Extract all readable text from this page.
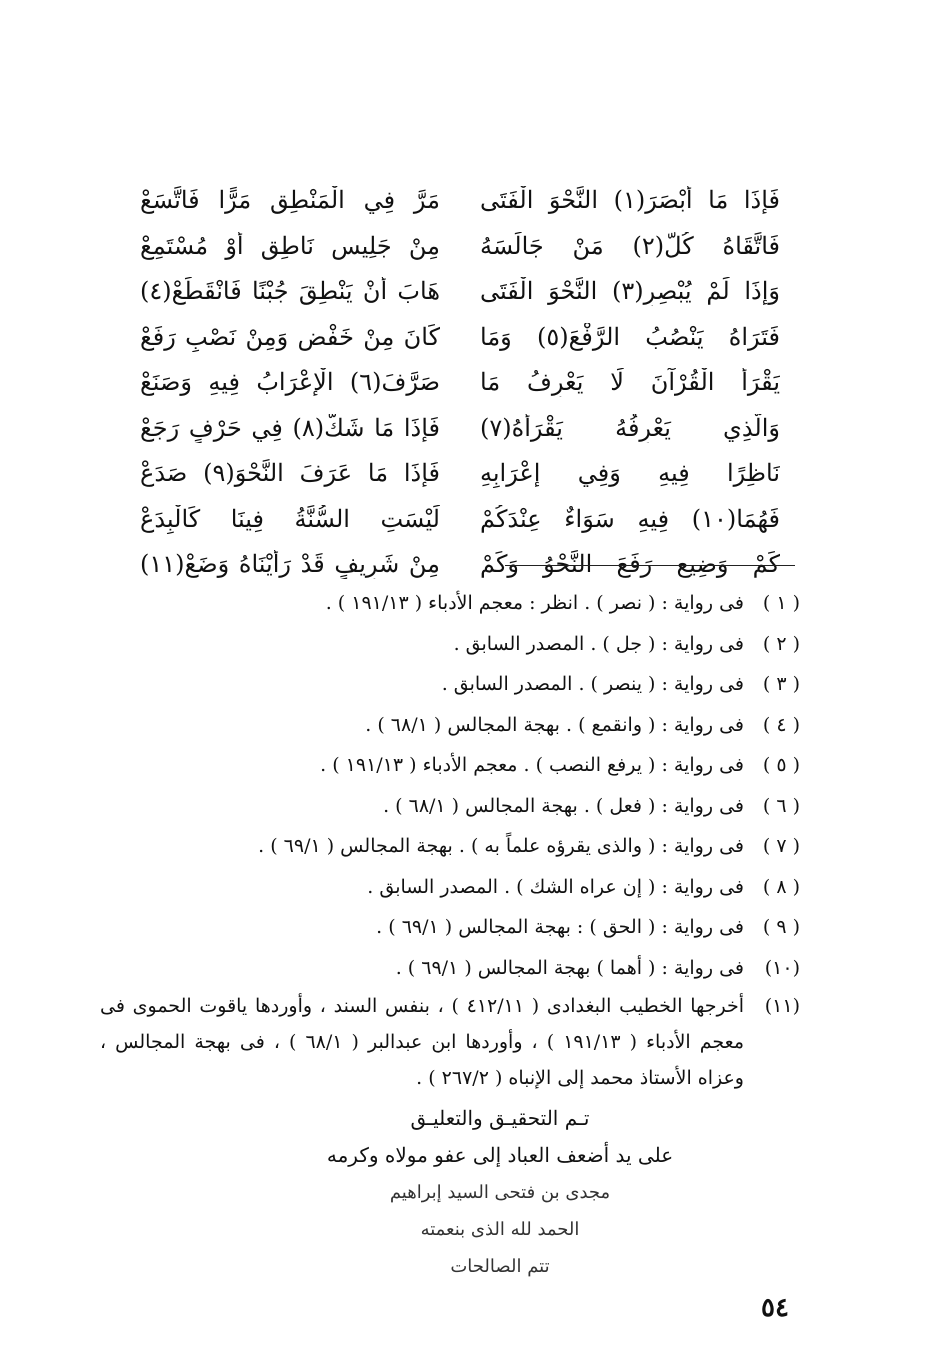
فَإِذَا مَا أَبْصَرَ(١) النَّحْوَ الْفَتَى
مَرَّ فِي الْمَنْطِقِ مَرًّا فَاتَّسَعْ
فَاتَّقَاهُ كُلُّ(٢) مَنْ جَالَسَهُ
مِنْ جَلِيسٍ نَاطِقٍ أَوْ مُسْتَمِعْ
وَإِذَا لَمْ يُبْصِرِ(٣) النَّحْوَ الْفَتَى
هَابَ أَنْ يَنْطِقَ جُبْنًا فَانْقَطَعْ(٤)
فَتَرَاهُ يَنْصُبُ الرَّفْعَ(٥) وَمَا
كَانَ مِنْ خَفْضٍ وَمِنْ نَصْبٍ رَفَعْ
يَقْرَأُ الْقُرْآنَ لَا يَعْرِفُ مَا
صَرَّفَ(٦) الْإِعْرَابُ فِيهِ وَصَنَعْ
وَالَّذِي يَعْرِفُهُ يَقْرَأُهُ(٧)
فَإِذَا مَا شَكَّ(٨) فِي حَرْفٍ رَجَعْ
نَاظِرًا فِيهِ وَفِي إِعْرَابِهِ
فَإِذَا مَا عَرَفَ النَّحْوَ(٩) صَدَعْ
فَهُمَا(١٠) فِيهِ سَوَاءٌ عِنْدَكُمْ
لَيْسَتِ السُّنَّةُ فِينَا كَالْبِدَعْ
كَمْ وَضِيعٍ رَفَعَ النَّحْوُ وَكَمْ
مِنْ شَرِيفٍ قَدْ رَأَيْنَاهُ وَضَعْ(١١)
( ١ )
فى رواية : ( نصر ) . انظر : معجم الأدباء ( ١٩١/١٣ ) .
( ٢ )
فى رواية : ( جل ) . المصدر السابق .
( ٣ )
فى رواية : ( ينصر ) . المصدر السابق .
( ٤ )
فى رواية : ( وانقمع ) . بهجة المجالس ( ٦٨/١ ) .
( ٥ )
فى رواية : ( يرفع النصب ) . معجم الأدباء ( ١٩١/١٣ ) .
( ٦ )
فى رواية : ( فعل ) . بهجة المجالس ( ٦٨/١ ) .
( ٧ )
فى رواية : ( والذى يقرؤه علماً به ) . بهجة المجالس ( ٦٩/١ ) .
( ٨ )
فى رواية : ( إن عراه الشك ) . المصدر السابق .
( ٩ )
فى رواية : ( الحق ) : بهجة المجالس ( ٦٩/١ ) .
(١٠)
فى رواية : ( أهما ) بهجة المجالس ( ٦٩/١ ) .
(١١)
أخرجها الخطيب البغدادى ( ٤١٢/١١ ) ، بنفس السند ، وأوردها ياقوت الحموى فى معجم الأدباء ( ١٩١/١٣ ) ، وأوردها ابن عبدالبر ( ٦٨/١ ) ، فى بهجة المجالس ، وعزاه الأستاذ محمد إلى الإنباه ( ٢٦٧/٢ ) .
تـم التحقيـق والتعليـق
على يد أضعف العباد إلى عفو مولاه وكرمه
مجدى بن فتحى السيد إبراهيم
الحمد لله الذى بنعمته
تتم الصالحات
٥٤
